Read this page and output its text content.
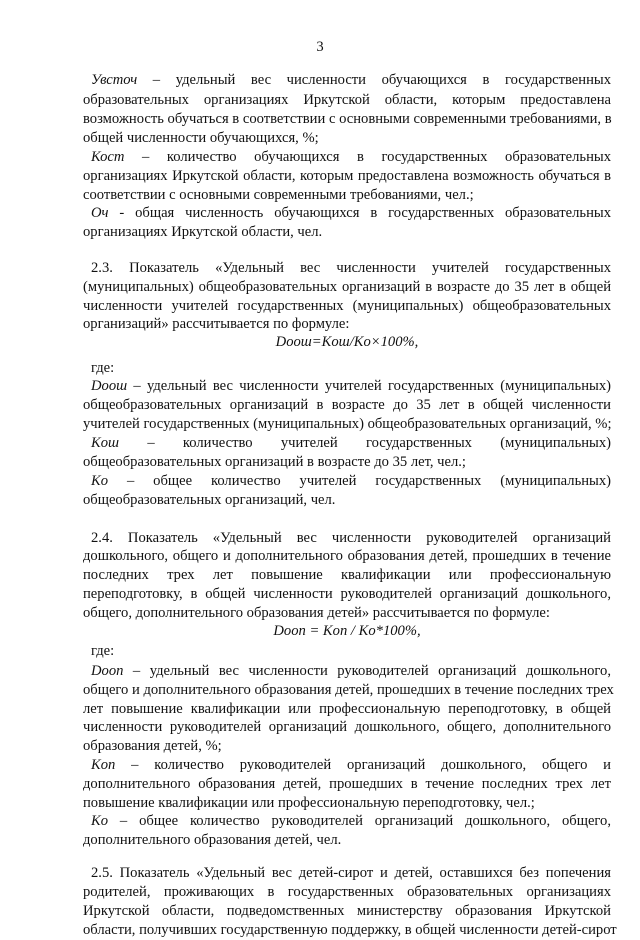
3
Увсточ – удельный вес численности обучающихся в государственных
образовательных организациях Иркутской области, которым предоставлена
возможность обучаться в соответствии с основными современными требованиями, в
общей численности обучающихся, %;
Кост – количество обучающихся в государственных образовательных
организациях Иркутской области, которым предоставлена возможность обучаться в
соответствии с основными современными требованиями, чел.;
Оч - общая численность обучающихся в государственных образовательных
организациях Иркутской области, чел.
2.3. Показатель «Удельный вес численности учителей государственных
(муниципальных) общеобразовательных организаций в возрасте до 35 лет в общей
численности учителей государственных (муниципальных) общеобразовательных
организаций» рассчитывается по формуле:
Dоош=Kош/Kо×100%,
где:
Dоош – удельный вес численности учителей государственных (муниципальных)
общеобразовательных организаций в возрасте до 35 лет в общей численности
учителей государственных (муниципальных) общеобразовательных организаций, %;
Kош – количество учителей государственных (муниципальных)
общеобразовательных организаций в возрасте до 35 лет, чел.;
Kо – общее количество учителей государственных (муниципальных)
общеобразовательных организаций, чел.
2.4. Показатель «Удельный вес численности руководителей организаций
дошкольного, общего и дополнительного образования детей, прошедших в течение
последних трех лет повышение квалификации или профессиональную
переподготовку, в общей численности руководителей организаций дошкольного,
общего, дополнительного образования детей» рассчитывается по формуле:
Dоoп = Kоп / Kо*100%,
где:
Dоoп – удельный вес численности руководителей организаций дошкольного,
общего и дополнительного образования детей, прошедших в течение последних трех
лет повышение квалификации или профессиональную переподготовку, в общей
численности руководителей организаций дошкольного, общего, дополнительного
образования детей, %;
Kоп – количество руководителей организаций дошкольного, общего и
дополнительного образования детей, прошедших в течение последних трех лет
повышение квалификации или профессиональную переподготовку, чел.;
Kо – общее количество руководителей организаций дошкольного, общего,
дополнительного образования детей, чел.
2.5. Показатель «Удельный вес детей-сирот и детей, оставшихся без попечения
родителей, проживающих в государственных образовательных организациях
Иркутской области, подведомственных министерству образования Иркутской
области, получивших государственную поддержку, в общей численности детей-сирот
